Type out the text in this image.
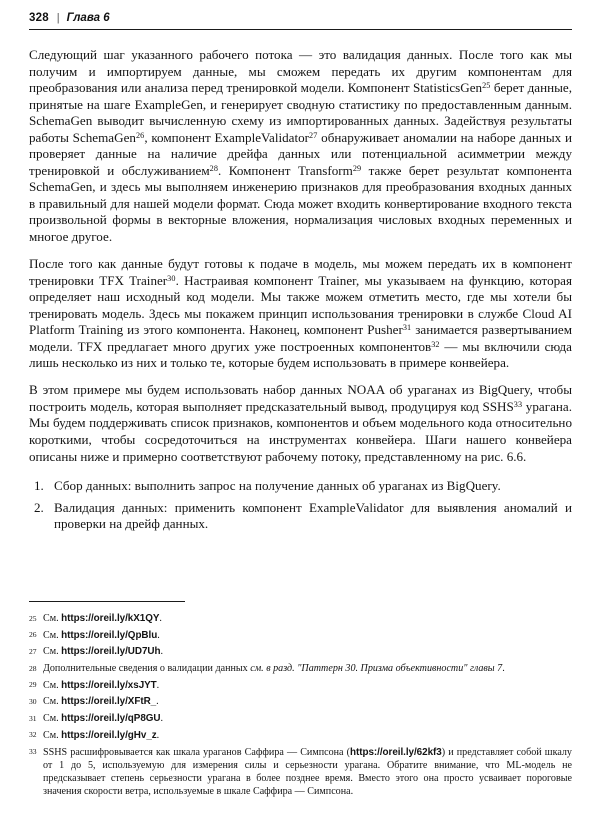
328 | Глава 6

Следующий шаг указанного рабочего потока — это валидация данных. После того как мы получим и импортируем данные, мы сможем передать их другим компонентам для преобразования или анализа перед тренировкой модели. Компонент StatisticsGen$^{25}$ берет данные, принятые на шаге ExampleGen, и генерирует сводную статистику по предоставленным данным. SchemaGen выводит вычисленную схему из импортированных данных. Задействуя результаты работы SchemaGen$^{26}$, компонент ExampleValidator$^{27}$ обнаруживает аномалии на наборе данных и проверяет данные на наличие дрейфа данных или потенциальной асимметрии между тренировкой и обслуживанием$^{28}$. Компонент Transform$^{29}$ также берет результат компонента SchemaGen, и здесь мы выполняем инженерию признаков для преобразования входных данных в правильный для нашей модели формат. Сюда может входить конвертирование входного текста произвольной формы в векторные вложения, нормализация числовых входных переменных и многое другое.

После того как данные будут готовы к подаче в модель, мы можем передать их в компонент тренировки TFX Trainer$^{30}$. Настраивая компонент Trainer, мы указываем на функцию, которая определяет наш исходный код модели. Мы также можем отметить место, где мы хотели бы тренировать модель. Здесь мы покажем принцип использования тренировки в службе Cloud AI Platform Training из этого компонента. Наконец, компонент Pusher$^{31}$ занимается развертыванием модели. TFX предлагает много других уже построенных компонентов$^{32}$ — мы включили сюда лишь несколько из них и только те, которые будем использовать в примере конвейера.

В этом примере мы будем использовать набор данных NOAA об ураганах из BigQuery, чтобы построить модель, которая выполняет предсказательный вывод, продуцируя код SSHS$^{33}$ урагана. Мы будем поддерживать список признаков, компонентов и объем модельного кода относительно короткими, чтобы сосредоточиться на инструментах конвейера. Шаги нашего конвейера описаны ниже и примерно соответствуют рабочему потоку, представленному на рис. 6.6.

Сбор данных: выполнить запрос на получение данных об ураганах из BigQuery.
Валидация данных: применить компонент ExampleValidator для выявления аномалий и проверки на дрейф данных.
25 См. https://oreil.ly/kX1QY.
26 См. https://oreil.ly/QpBlu.
27 См. https://oreil.ly/UD7Uh.
28 Дополнительные сведения о валидации данных см. в разд. "Паттерн 30. Призма объективности" главы 7.
29 См. https://oreil.ly/xsJYT.
30 См. https://oreil.ly/XFtR_.
31 См. https://oreil.ly/qP8GU.
32 См. https://oreil.ly/gHv_z.
33 SSHS расшифровывается как шкала ураганов Саффира — Симпсона (https://oreil.ly/62kf3) и представляет собой шкалу от 1 до 5, используемую для измерения силы и серьезности урагана. Обратите внимание, что ML-модель не предсказывает степень серьезности урагана в более позднее время. Вместо этого она просто усваивает пороговые значения скорости ветра, используемые в шкале Саффира — Симпсона.
